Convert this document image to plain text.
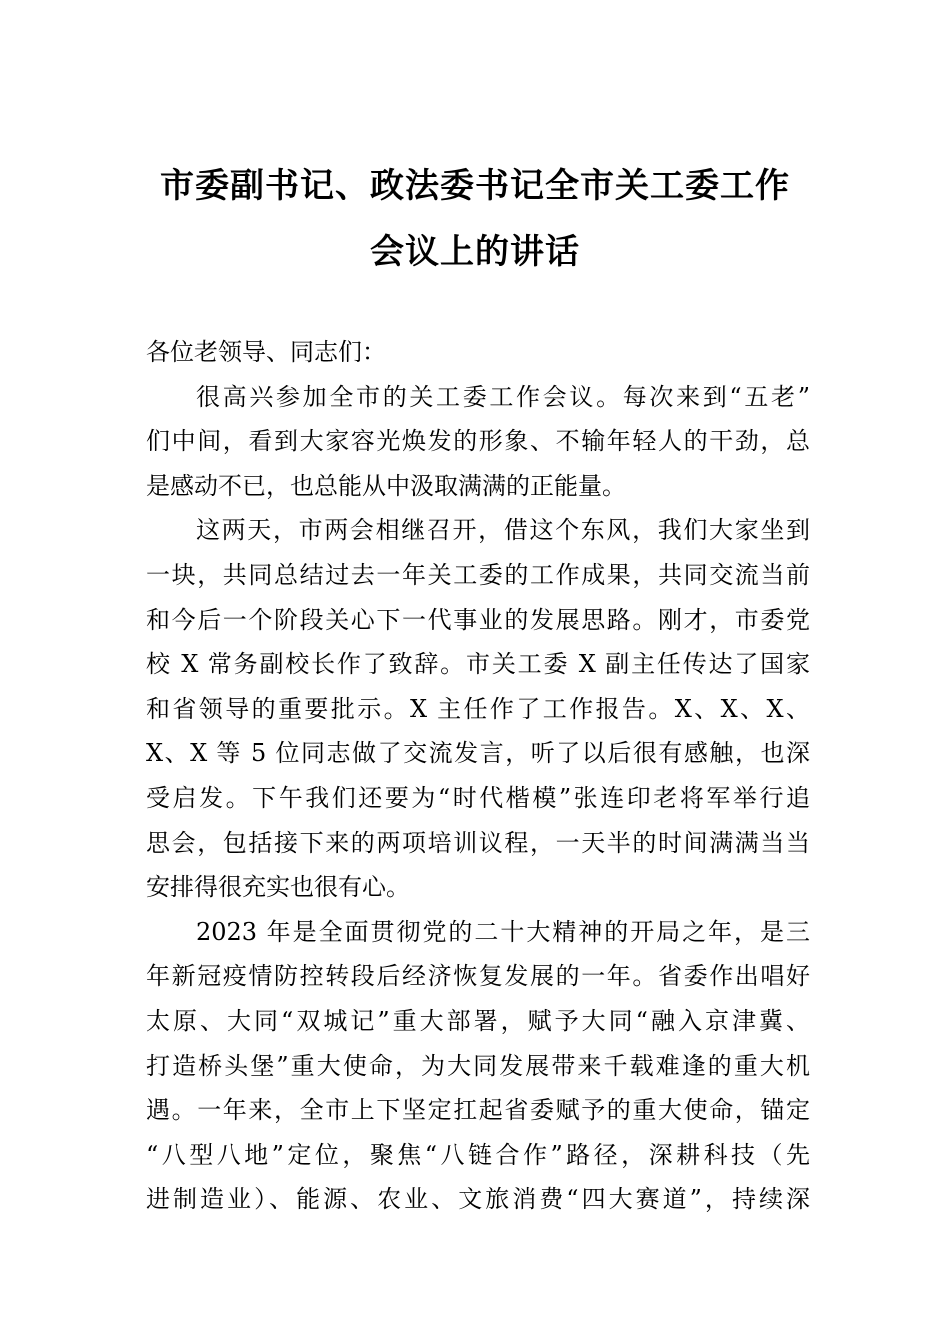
市委副书记、政法委书记全市关工委工作
会议上的讲话
各位老领导、同志们：
很高兴参加全市的关工委工作会议。每次来到“五老”
们中间，看到大家容光焕发的形象、不输年轻人的干劲，总
是感动不已，也总能从中汲取满满的正能量。
这两天，市两会相继召开，借这个东风，我们大家坐到
一块，共同总结过去一年关工委的工作成果，共同交流当前
和今后一个阶段关心下一代事业的发展思路。刚才，市委党
校 X 常务副校长作了致辞。市关工委 X 副主任传达了国家
和省领导的重要批示。X 主任作了工作报告。X、X、X、
X、X 等 5 位同志做了交流发言，听了以后很有感触，也深
受启发。下午我们还要为“时代楷模”张连印老将军举行追
思会，包括接下来的两项培训议程，一天半的时间满满当当
安排得很充实也很有心。
2023 年是全面贯彻党的二十大精神的开局之年，是三
年新冠疫情防控转段后经济恢复发展的一年。省委作出唱好
太原、大同“双城记”重大部署，赋予大同“融入京津冀、
打造桥头堡”重大使命，为大同发展带来千载难逢的重大机
遇。一年来，全市上下坚定扛起省委赋予的重大使命，锚定
“八型八地”定位，聚焦“八链合作”路径，深耕科技（先
进制造业）、能源、农业、文旅消费“四大赛道”，持续深
